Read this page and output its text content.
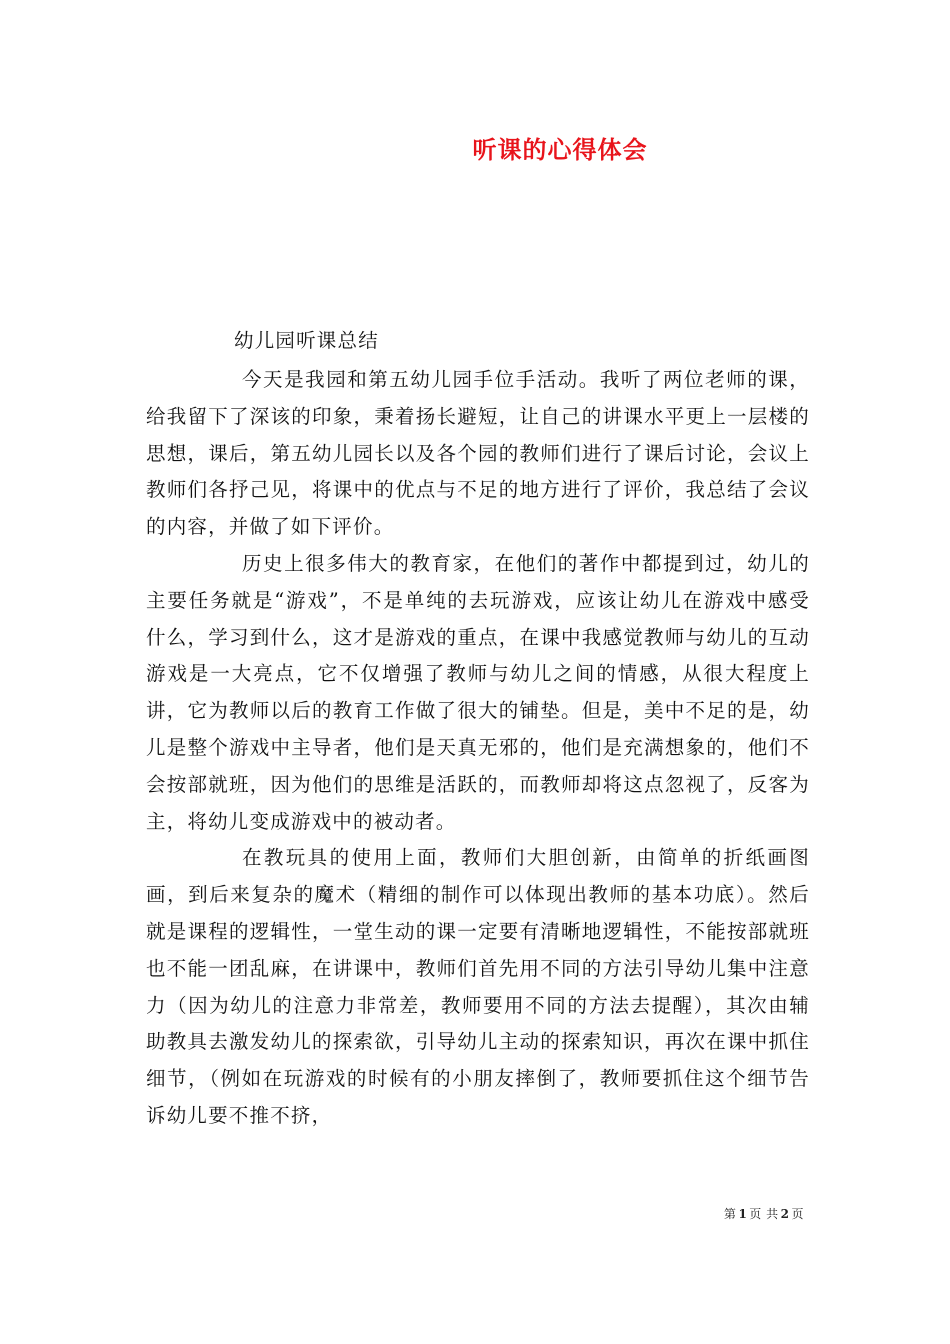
听课的心得体会

幼儿园听课总结

今天是我园和第五幼儿园手位手活动。我听了两位老师的课，给我留下了深该的印象，秉着扬长避短，让自己的讲课水平更上一层楼的思想，课后，第五幼儿园长以及各个园的教师们进行了课后讨论，会议上教师们各抒己见，将课中的优点与不足的地方进行了评价，我总结了会议的内容，并做了如下评价。

历史上很多伟大的教育家，在他们的著作中都提到过，幼儿的主要任务就是“游戏”，不是单纯的去玩游戏，应该让幼儿在游戏中感受什么，学习到什么，这才是游戏的重点，在课中我感觉教师与幼儿的互动游戏是一大亮点，它不仅增强了教师与幼儿之间的情感，从很大程度上讲，它为教师以后的教育工作做了很大的铺垫。但是，美中不足的是，幼儿是整个游戏中主导者，他们是天真无邪的，他们是充满想象的，他们不会按部就班，因为他们的思维是活跃的，而教师却将这点忽视了，反客为主，将幼儿变成游戏中的被动者。

在教玩具的使用上面，教师们大胆创新，由简单的折纸画图画，到后来复杂的魔术（精细的制作可以体现出教师的基本功底）。然后就是课程的逻辑性，一堂生动的课一定要有清晰地逻辑性，不能按部就班也不能一团乱麻，在讲课中，教师们首先用不同的方法引导幼儿集中注意力（因为幼儿的注意力非常差，教师要用不同的方法去提醒），其次由辅助教具去激发幼儿的探索欲，引导幼儿主动的探索知识，再次在课中抓住细节，（例如在玩游戏的时候有的小朋友摔倒了，教师要抓住这个细节告诉幼儿要不推不挤，

第 1 页 共 2 页
